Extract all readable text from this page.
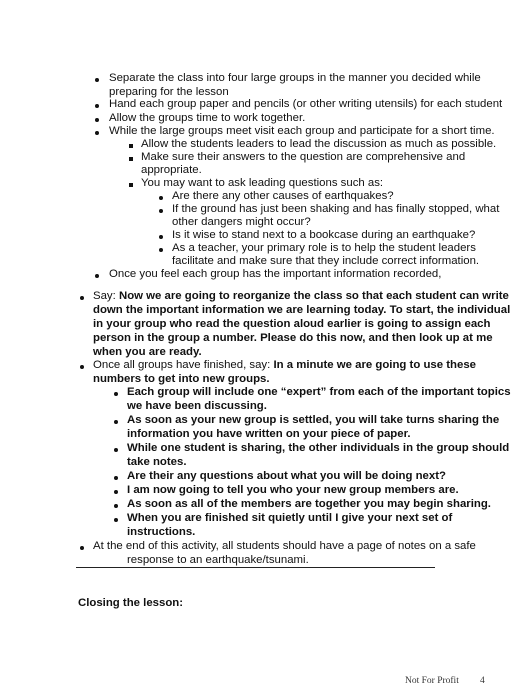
Separate the class into four large groups in the manner you decided while
preparing for the lesson
Hand each group paper and pencils (or other writing utensils) for each student
Allow the groups time to work together.
While the large groups meet visit each group and participate for a short time.
Allow the students leaders to lead the discussion as much as possible.
Make sure their answers to the question are comprehensive and
appropriate.
You may want to ask leading questions such as:
Are there any other causes of earthquakes?
If the ground has just been shaking and has finally stopped, what
other dangers might occur?
Is it wise to stand next to a bookcase during an earthquake?
As a teacher, your primary role is to help the student leaders
facilitate and make sure that they include correct information.
Once you feel each group has the important information recorded,
Say: Now we are going to reorganize the class so that each student can write
down the important information we are learning today. To start, the individual
in your group who read the question aloud earlier is going to assign each
person in the group a number. Please do this now, and then look up at me
when you are ready.
Once all groups have finished, say: In a minute we are going to use these
numbers to get into new groups.
Each group will include one “expert” from each of the important topics
we have been discussing.
As soon as your new group is settled, you will take turns sharing the
information you have written on your piece of paper.
While one student is sharing, the other individuals in the group should
take notes.
Are their any questions about what you will be doing next?
I am now going to tell you who your new group members are.
As soon as all of the members are together you may begin sharing.
When you are finished sit quietly until I give your next set of
instructions.
At the end of this activity, all students should have a page of notes on a safe
response to an earthquake/tsunami.
Closing the lesson:
Not For Profit 4
